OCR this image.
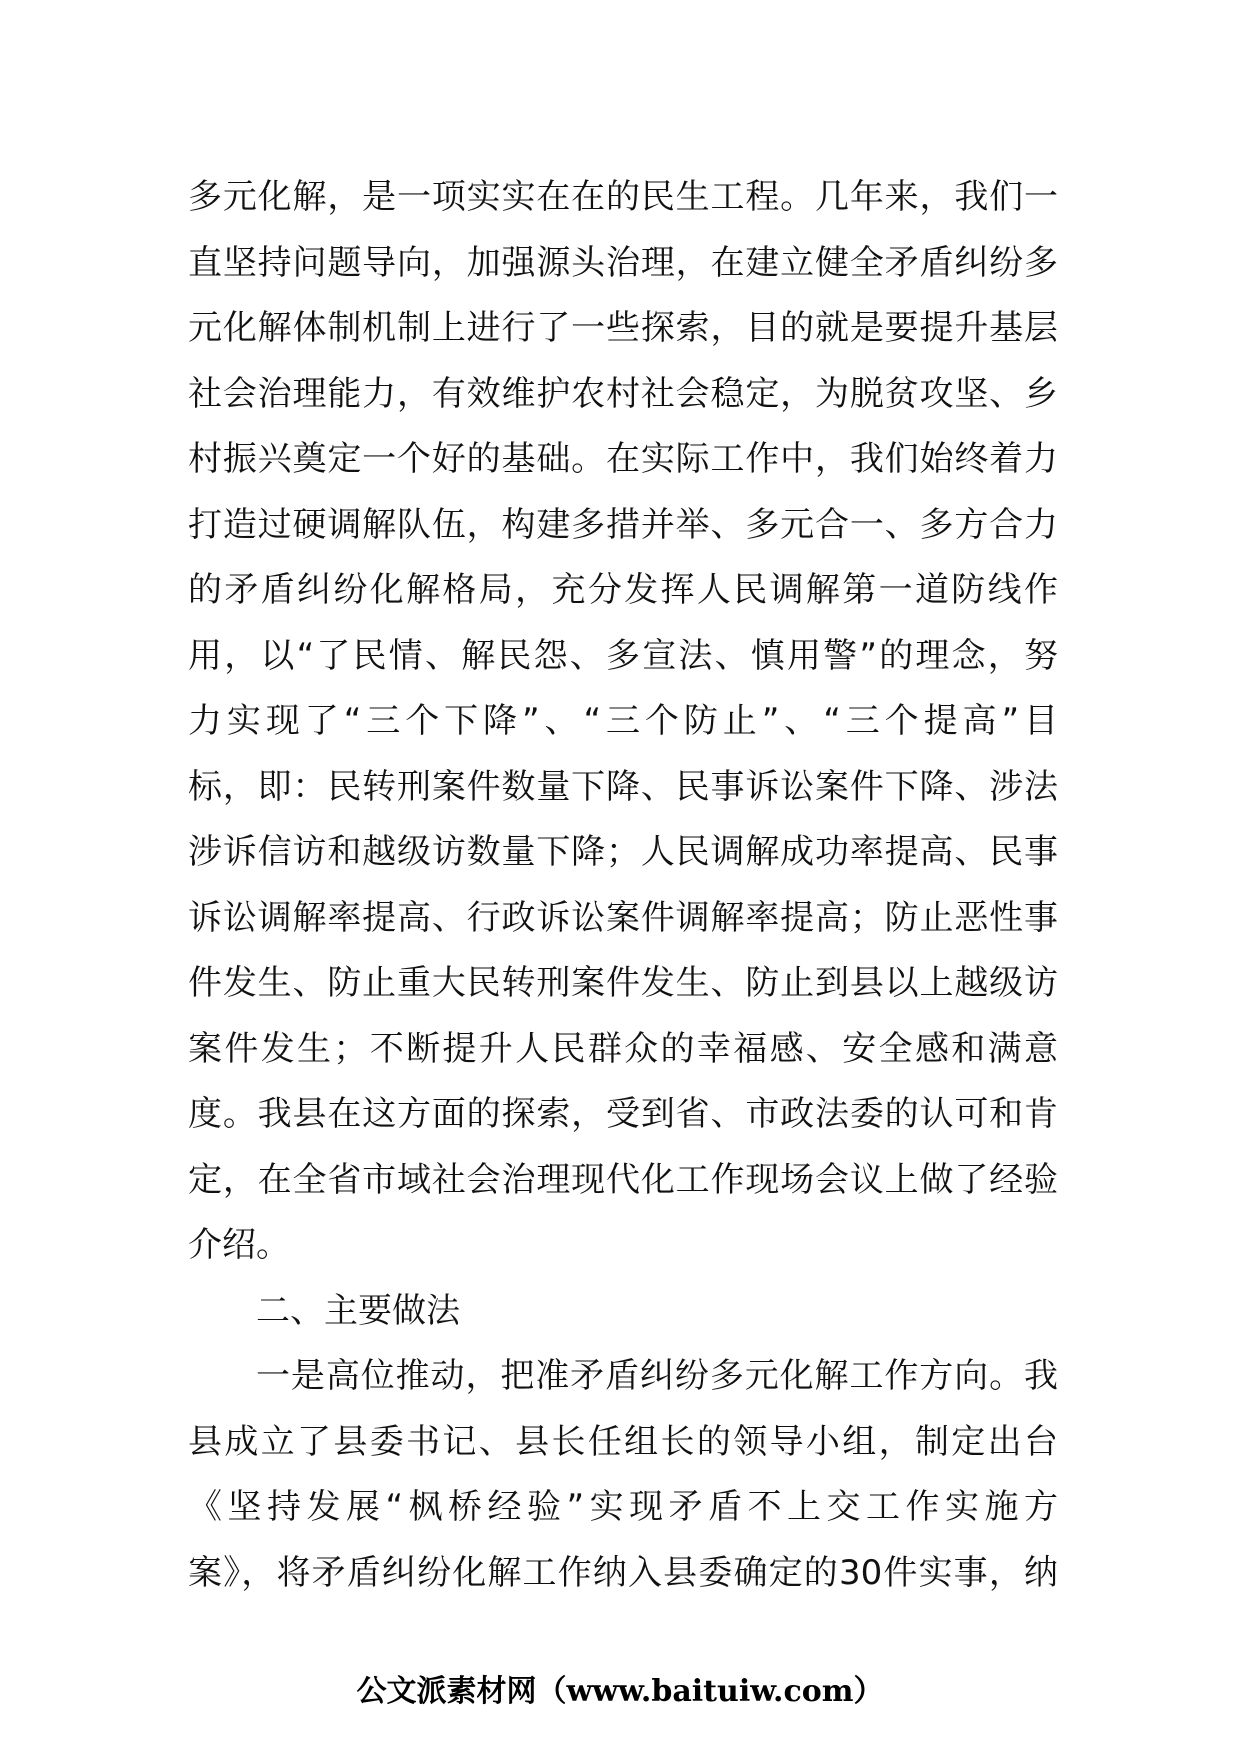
多元化解，是一项实实在在的民生工程。几年来，我们一
直坚持问题导向，加强源头治理，在建立健全矛盾纠纷多
元化解体制机制上进行了一些探索，目的就是要提升基层
社会治理能力，有效维护农村社会稳定，为脱贫攻坚、乡
村振兴奠定一个好的基础。在实际工作中，我们始终着力
打造过硬调解队伍，构建多措并举、多元合一、多方合力
的矛盾纠纷化解格局，充分发挥人民调解第一道防线作
用，以“了民情、解民怨、多宣法、慎用警”的理念，努
力实现了“三个下降”、“三个防止”、“三个提高”目
标，即：民转刑案件数量下降、民事诉讼案件下降、涉法
涉诉信访和越级访数量下降；人民调解成功率提高、民事
诉讼调解率提高、行政诉讼案件调解率提高；防止恶性事
件发生、防止重大民转刑案件发生、防止到县以上越级访
案件发生；不断提升人民群众的幸福感、安全感和满意
度。我县在这方面的探索，受到省、市政法委的认可和肯
定，在全省市域社会治理现代化工作现场会议上做了经验
介绍。
二、主要做法
一是高位推动，把准矛盾纠纷多元化解工作方向。我
县成立了县委书记、县长任组长的领导小组，制定出台
《坚持发展“枫桥经验”实现矛盾不上交工作实施方
案》，将矛盾纠纷化解工作纳入县委确定的30件实事，纳
公文派素材网（www.baituiw.com）
